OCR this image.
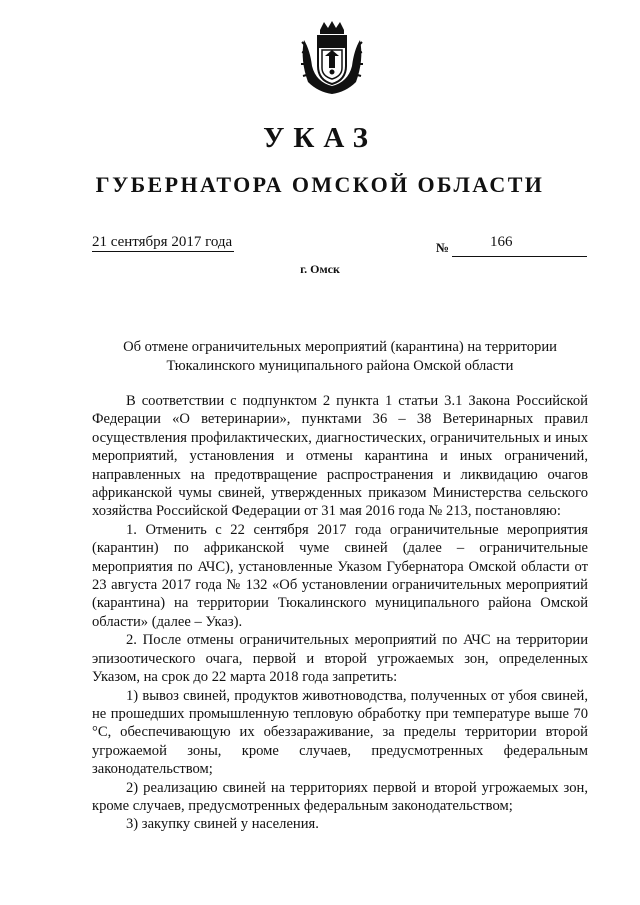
УКАЗ
ГУБЕРНАТОРА ОМСКОЙ ОБЛАСТИ
21 сентября 2017 года	№	166
г. Омск
Об отмене ограничительных мероприятий (карантина) на территории
Тюкалинского муниципального района Омской области

В соответствии с подпунктом 2 пункта 1 статьи 3.1 Закона Российской Федерации «О ветеринарии», пунктами 36 – 38 Ветеринарных правил осуществления профилактических, диагностических, ограничительных и иных мероприятий, установления и отмены карантина и иных ограничений, направленных на предотвращение распространения и ликвидацию очагов африканской чумы свиней, утвержденных приказом Министерства сельского хозяйства Российской Федерации от 31 мая 2016 года № 213, постановляю:

1. Отменить с 22 сентября 2017 года ограничительные мероприятия (карантин) по африканской чуме свиней (далее – ограничительные мероприятия по АЧС), установленные Указом Губернатора Омской области от 23 августа 2017 года № 132 «Об установлении ограничительных мероприятий (карантина) на территории Тюкалинского муниципального района Омской области» (далее – Указ).

2. После отмены ограничительных мероприятий по АЧС на территории эпизоотического очага, первой и второй угрожаемых зон, определенных Указом, на срок до 22 марта 2018 года запретить:

1) вывоз свиней, продуктов животноводства, полученных от убоя свиней, не прошедших промышленную тепловую обработку при температуре выше 70 °С, обеспечивающую их обеззараживание, за пределы территории второй угрожаемой зоны, кроме случаев, предусмотренных федеральным законодательством;

2) реализацию свиней на территориях первой и второй угрожаемых зон, кроме случаев, предусмотренных федеральным законодательством;

3) закупку свиней у населения.
